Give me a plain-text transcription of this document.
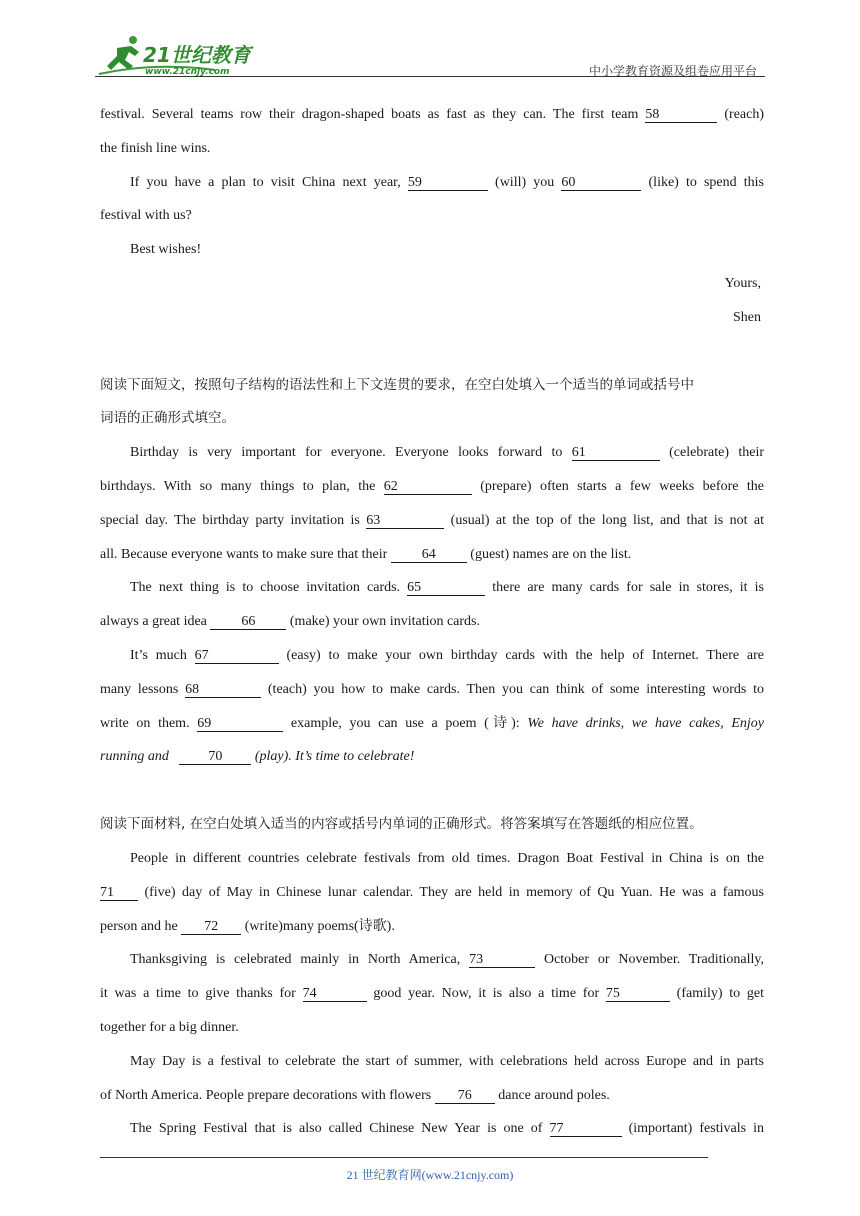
21世纪教育
www.21cnjy.com	中小学教育资源及组卷应用平台
festival. Several teams row their dragon-shaped boats as fast as they can. The first team 58	(reach)
the finish line wins.
If you have a plan to visit China next year, 59	(will) you 60	(like) to spend this
festival with us?
Best wishes!
Yours,
Shen
阅读下面短文，按照句子结构的语法性和上下文连贯的要求，在空白处填入一个适当的单词或括号中
词语的正确形式填空。
Birthday is very important for everyone. Everyone looks forward to 61	(celebrate) their
birthdays. With so many things to plan, the 62	(prepare) often starts a few weeks before the
special day. The birthday party invitation is 63	(usual) at the top of the long list, and that is not at
all. Because everyone wants to make sure that their 64 (guest) names are on the list.
The next thing is to choose invitation cards. 65	there are many cards for sale in stores, it is
always a great idea 66 (make) your own invitation cards.
It’s much 67	(easy) to make your own birthday cards with the help of Internet. There are
many lessons 68	(teach) you how to make cards. Then you can think of some interesting words to
write on them. 69	example, you can use a poem (诗): We have drinks, we have cakes, Enjoy
running and	70 (play). It’s time to celebrate!
阅读下面材料, 在空白处填入适当的内容或括号内单词的正确形式。将答案填写在答题纸的相应位置。
People in different countries celebrate festivals from old times. Dragon Boat Festival in China is on the
71 (five) day of May in Chinese lunar calendar. They are held in memory of Qu Yuan. He was a famous
person and he 72 (write)many poems(诗歌).
Thanksgiving is celebrated mainly in North America, 73	October or November. Traditionally,
it was a time to give thanks for 74	good year. Now, it is also a time for 75	(family) to get
together for a big dinner.
May Day is a festival to celebrate the start of summer, with celebrations held across Europe and in parts
of North America. People prepare decorations with flowers 76 dance around poles.
The Spring Festival that is also called Chinese New Year is one of 77	(important) festivals in
21 世纪教育网(www.21cnjy.com)
